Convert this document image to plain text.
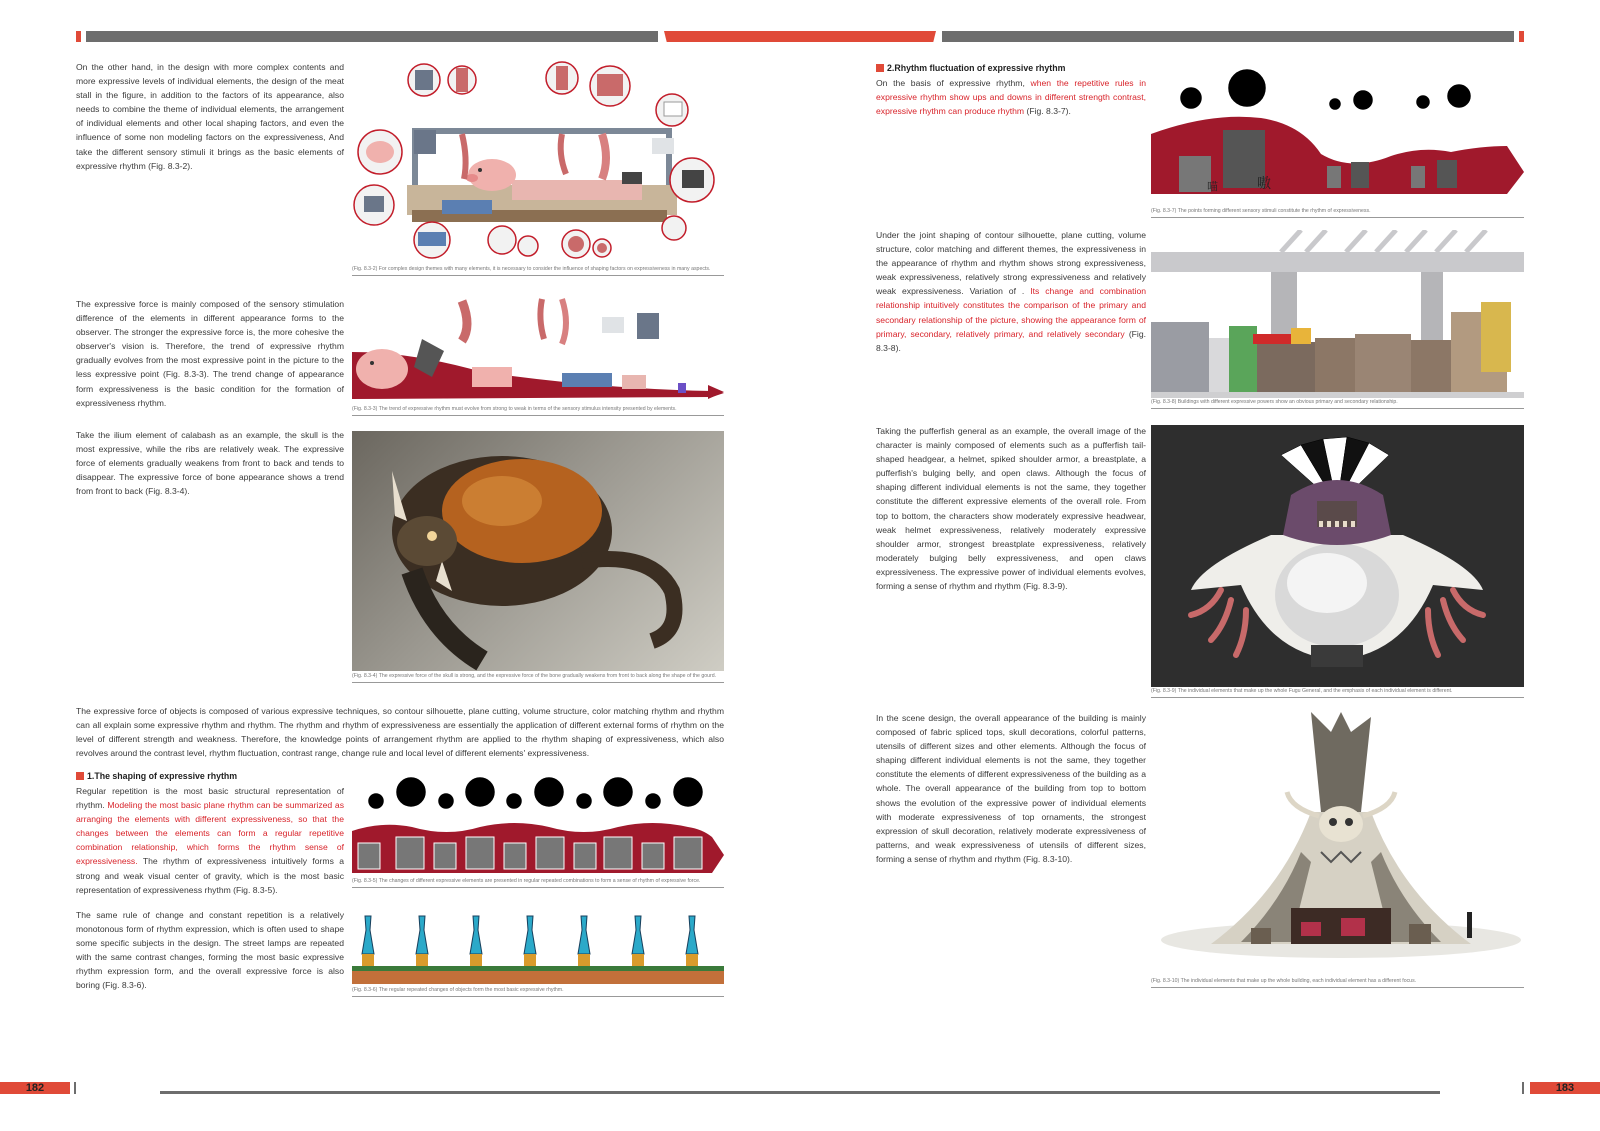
On the other hand, in the design with more complex contents and more expressive levels of individual elements, the design of the meat stall in the figure, in addition to the factors of its appearance, also needs to combine the theme of individual elements, the arrangement of individual elements and other local shaping factors, and even the influence of some non modeling factors on the expressiveness, And take the different sensory stimuli it brings as the basic elements of expressive rhythm (Fig. 8.3-2).

(Fig. 8.3-2) For complex design themes with many elements, it is necessary to consider the influence of shaping factors on expressiveness in many aspects.

The expressive force is mainly composed of the sensory stimulation difference of the elements in different appearance forms to the observer. The stronger the expressive force is, the more cohesive the observer's vision is. Therefore, the trend of expressive rhythm gradually evolves from the most expressive point in the picture to the less expressive point (Fig. 8.3-3). The trend change of appearance form expressiveness is the basic condition for the formation of expressiveness rhythm.

(Fig. 8.3-3) The trend of expressive rhythm must evolve from strong to weak in terms of the sensory stimulus intensity presented by elements.

Take the ilium element of calabash as an example, the skull is the most expressive, while the ribs are relatively weak. The expressive force of elements gradually weakens from front to back and tends to disappear. The expressive force of bone appearance shows a trend from front to back (Fig. 8.3-4).

(Fig. 8.3-4) The expressive force of the skull is strong, and the expressive force of the bone gradually weakens from front to back along the shape of the gourd.

The expressive force of objects is composed of various expressive techniques, so contour silhouette, plane cutting, volume structure, color matching rhythm and rhythm can all explain some expressive rhythm and rhythm. The rhythm and rhythm of expressiveness are essentially the application of different external forms of rhythm on the level of different strength and weakness. Therefore, the knowledge points of arrangement rhythm are applied to the rhythm shaping of expressiveness, which also revolves around the contrast level, rhythm fluctuation, contrast range, change rule and local level of different elements' expressiveness.

1.The shaping of expressive rhythm

Regular repetition is the most basic structural representation of rhythm. Modeling the most basic plane rhythm can be summarized as arranging the elements with different expressiveness, so that the changes between the elements can form a regular repetitive combination relationship, which forms the rhythm sense of expressiveness. The rhythm of expressiveness intuitively forms a strong and weak visual center of gravity, which is the most basic representation of expressiveness rhythm (Fig. 8.3-5).

(Fig. 8.3-5) The changes of different expressive elements are presented in regular repeated combinations to form a sense of rhythm of expressive force.

The same rule of change and constant repetition is a relatively monotonous form of rhythm expression, which is often used to shape some specific subjects in the design. The street lamps are repeated with the same contrast changes, forming the most basic expressive rhythm expression form, and the overall expressive force is also boring (Fig. 8.3-6).	(Fig. 8.3-6) The regular repeated changes of objects form the most basic expressive rhythm.

2.Rhythm fluctuation of expressive rhythm

On the basis of expressive rhythm, when the repetitive rules in expressive rhythm show ups and downs in different strength contrast, expressive rhythm can produce rhythm (Fig. 8.3-7).

喵	嗷

(Fig. 8.3-7) The points forming different sensory stimuli constitute the rhythm of expressiveness.

Under the joint shaping of contour silhouette, plane cutting, volume structure, color matching and different themes, the expressiveness in the appearance of rhythm and rhythm shows strong expressiveness, weak expressiveness, relatively strong expressiveness and relatively weak expressiveness. Variation of . Its change and combination relationship intuitively constitutes the comparison of the primary and secondary relationship of the picture, showing the appearance form of primary, secondary, relatively primary, and relatively secondary (Fig. 8.3-8).

(Fig. 8.3-8) Buildings with different expressive powers show an obvious primary and secondary relationship.

Taking the pufferfish general as an example, the overall image of the character is mainly composed of elements such as a pufferfish tail-shaped headgear, a helmet, spiked shoulder armor, a breastplate, a pufferfish's bulging belly, and open claws. Although the focus of shaping different individual elements is not the same, they together constitute the different expressive elements of the overall role. From top to bottom, the characters show moderately expressive headwear, weak helmet expressiveness, relatively moderately expressive shoulder armor, strongest breastplate expressiveness, relatively moderately bulging belly expressiveness, and open claws expressiveness. The expressive power of individual elements evolves, forming a sense of rhythm and rhythm (Fig. 8.3-9).

(Fig. 8.3-9) The individual elements that make up the whole Fugu General, and the emphasis of each individual element is different.

In the scene design, the overall appearance of the building is mainly composed of fabric spliced tops, skull decorations, colorful patterns, utensils of different sizes and other elements. Although the focus of shaping different individual elements is not the same, they together constitute the elements of different expressiveness of the building as a whole. The overall appearance of the building from top to bottom shows the evolution of the expressive power of individual elements with moderate expressiveness of top ornaments, the strongest expression of skull decoration, relatively moderate expressiveness of patterns, and weak expressiveness of utensils of different sizes, forming a sense of rhythm and rhythm (Fig. 8.3-10).

(Fig. 8.3-10) The individual elements that make up the whole building, each individual element has a different focus.

182	183
